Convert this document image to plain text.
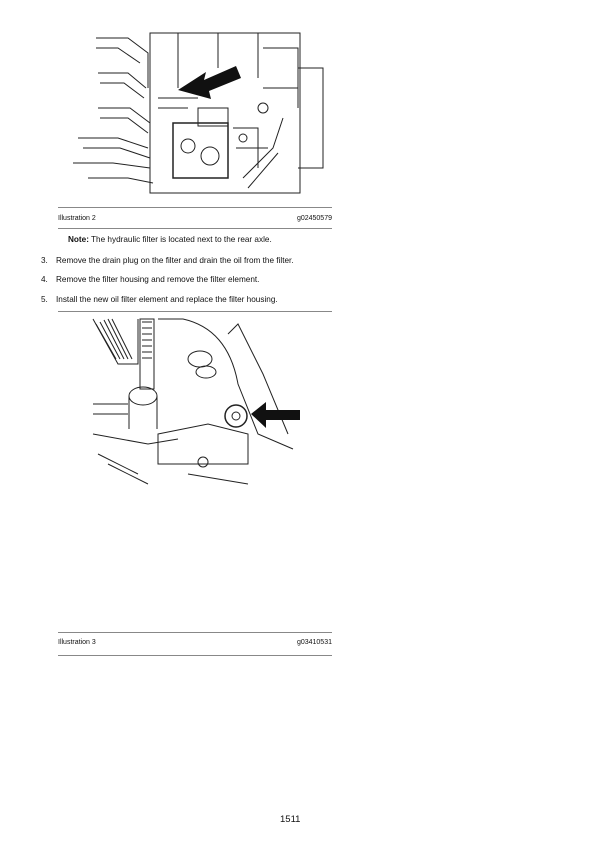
Illustration 2	g02450579
Note: The hydraulic filter is located next to the rear axle.
3. Remove the drain plug on the filter and drain the oil from the filter.
4. Remove the filter housing and remove the filter element.
5. Install the new oil filter element and replace the filter housing.
Illustration 3	g03410531
1511
